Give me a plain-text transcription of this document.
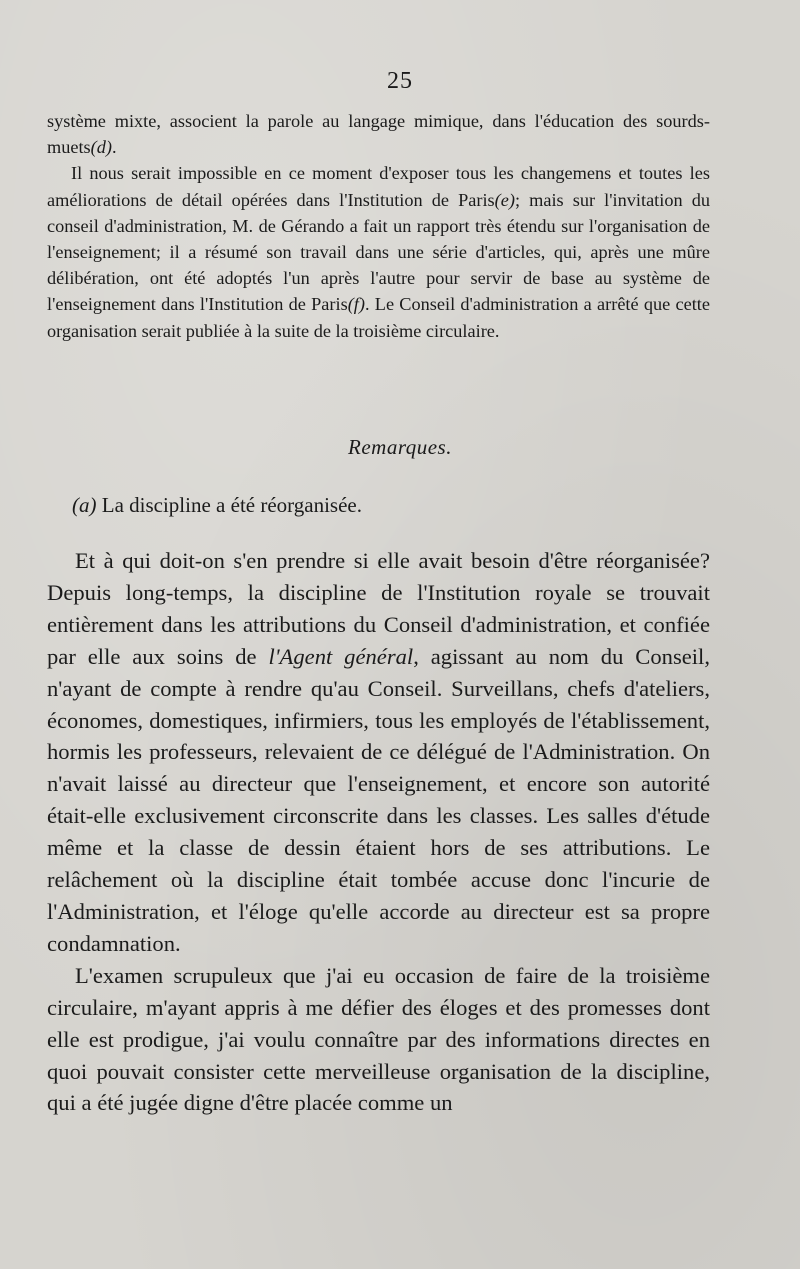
25

système mixte, associent la parole au langage mimique, dans l'éducation des sourds-muets(d).

Il nous serait impossible en ce moment d'exposer tous les changemens et toutes les améliorations de détail opérées dans l'Institution de Paris(e); mais sur l'invitation du conseil d'administration, M. de Gérando a fait un rapport très étendu sur l'organisation de l'enseignement; il a résumé son travail dans une série d'articles, qui, après une mûre délibération, ont été adoptés l'un après l'autre pour servir de base au système de l'enseignement dans l'Institution de Paris(f). Le Conseil d'administration a arrêté que cette organisation serait publiée à la suite de la troisième circulaire.

Remarques.
(a) La discipline a été réorganisée.

Et à qui doit-on s'en prendre si elle avait besoin d'être réorganisée? Depuis long-temps, la discipline de l'Institution royale se trouvait entièrement dans les attributions du Conseil d'administration, et confiée par elle aux soins de l'Agent général, agissant au nom du Conseil, n'ayant de compte à rendre qu'au Conseil. Surveillans, chefs d'ateliers, économes, domestiques, infirmiers, tous les employés de l'établissement, hormis les professeurs, relevaient de ce délégué de l'Administration. On n'avait laissé au directeur que l'enseignement, et encore son autorité était-elle exclusivement circonscrite dans les classes. Les salles d'étude même et la classe de dessin étaient hors de ses attributions. Le relâchement où la discipline était tombée accuse donc l'incurie de l'Administration, et l'éloge qu'elle accorde au directeur est sa propre condamnation.

L'examen scrupuleux que j'ai eu occasion de faire de la troisième circulaire, m'ayant appris à me défier des éloges et des promesses dont elle est prodigue, j'ai voulu connaître par des informations directes en quoi pouvait consister cette merveilleuse organisation de la discipline, qui a été jugée digne d'être placée comme un
